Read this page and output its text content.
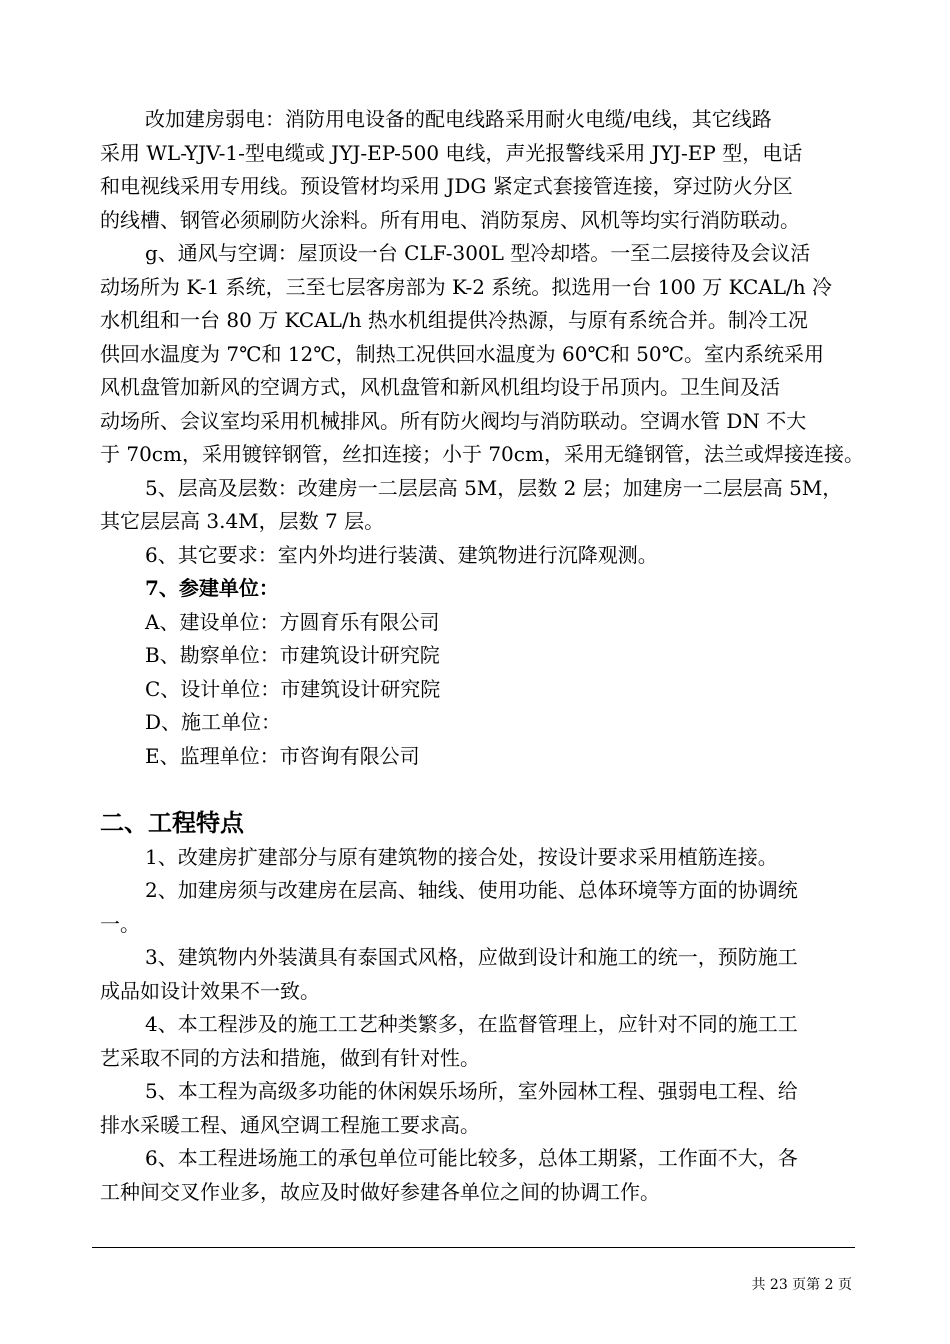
改加建房弱电：消防用电设备的配电线路采用耐火电缆/电线，其它线路
采用 WL-YJV-1-型电缆或 JYJ-EP-500 电线，声光报警线采用 JYJ-EP 型，电话
和电视线采用专用线。预设管材均采用 JDG 紧定式套接管连接，穿过防火分区
的线槽、钢管必须刷防火涂料。所有用电、消防泵房、风机等均实行消防联动。
g、通风与空调：屋顶设一台 CLF-300L 型冷却塔。一至二层接待及会议活
动场所为 K-1 系统，三至七层客房部为 K-2 系统。拟选用一台 100 万 KCAL/h 冷
水机组和一台 80 万 KCAL/h 热水机组提供冷热源，与原有系统合并。制冷工况
供回水温度为 7℃和 12℃，制热工况供回水温度为 60℃和 50℃。室内系统采用
风机盘管加新风的空调方式，风机盘管和新风机组均设于吊顶内。卫生间及活
动场所、会议室均采用机械排风。所有防火阀均与消防联动。空调水管 DN 不大
于 70cm，采用镀锌钢管，丝扣连接；小于 70cm，采用无缝钢管，法兰或焊接连接。
5、层高及层数：改建房一二层层高 5M，层数 2 层；加建房一二层层高 5M，
其它层层高 3.4M，层数 7 层。
6、其它要求：室内外均进行装潢、建筑物进行沉降观测。
7、参建单位：
A、建设单位：方圆育乐有限公司
B、勘察单位：市建筑设计研究院
C、设计单位：市建筑设计研究院
D、施工单位：
E、监理单位：市咨询有限公司
二、工程特点
1、改建房扩建部分与原有建筑物的接合处，按设计要求采用植筋连接。
2、加建房须与改建房在层高、轴线、使用功能、总体环境等方面的协调统
一。
3、建筑物内外装潢具有泰国式风格，应做到设计和施工的统一，预防施工
成品如设计效果不一致。
4、本工程涉及的施工工艺种类繁多，在监督管理上，应针对不同的施工工
艺采取不同的方法和措施，做到有针对性。
5、本工程为高级多功能的休闲娱乐场所，室外园林工程、强弱电工程、给
排水采暖工程、通风空调工程施工要求高。
6、本工程进场施工的承包单位可能比较多，总体工期紧，工作面不大，各
工种间交叉作业多，故应及时做好参建各单位之间的协调工作。
共 23 页第 2 页
